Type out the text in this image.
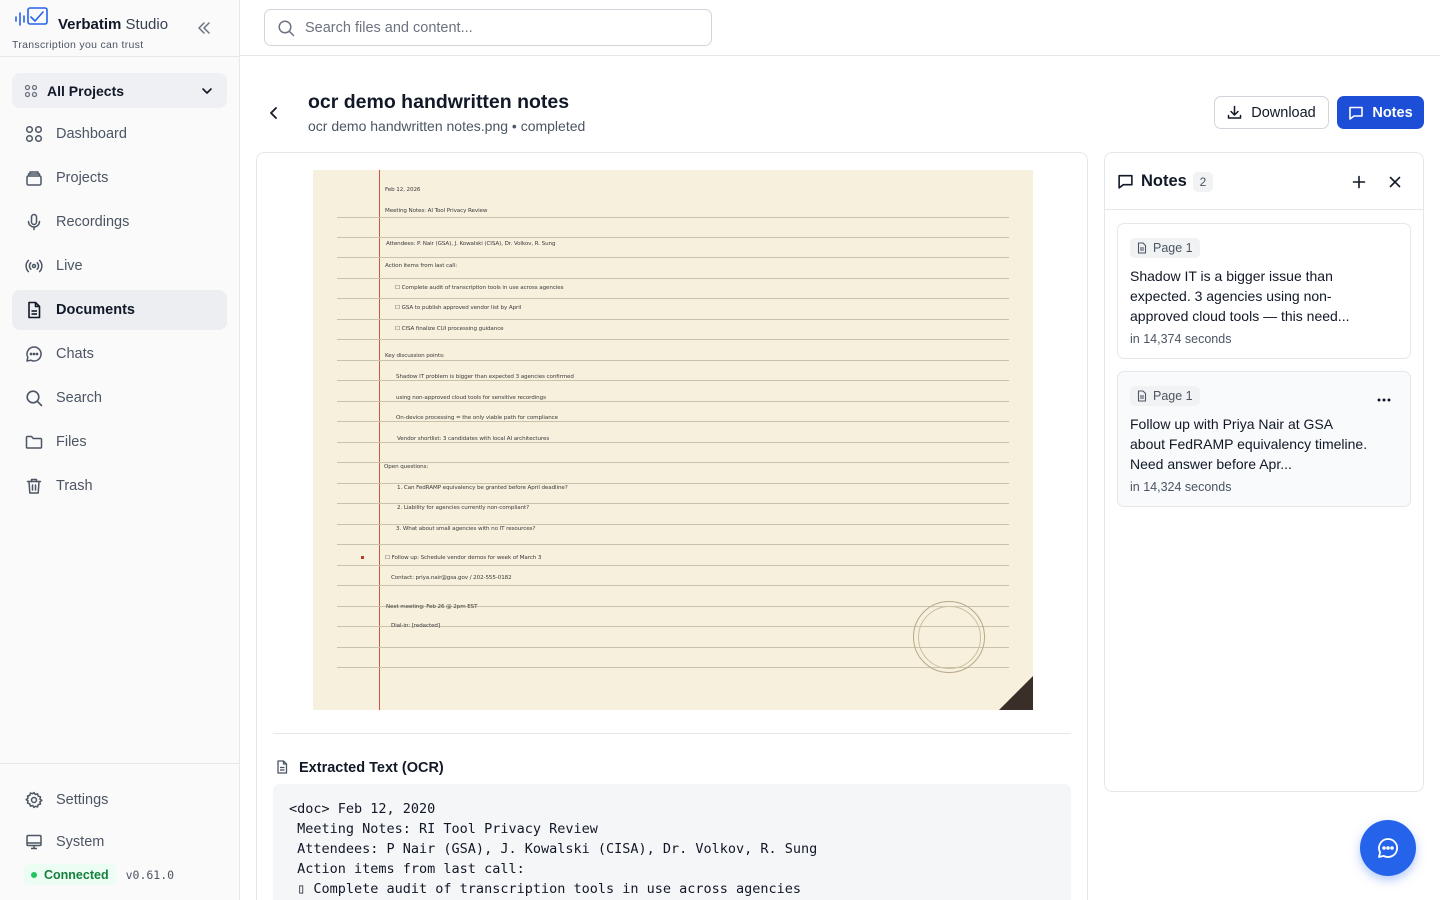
Verbatim Studio
Transcription you can trust
All Projects
Dashboard
Projects
Recordings
Live
Documents
Chats
Search
Files
Trash
Settings
System
Connected v0.61.0
Search files and content...
ocr demo handwritten notes
ocr demo handwritten notes.png • completed
Download	Notes
Feb 12, 2026
Meeting Notes: AI Tool Privacy Review
Attendees: P. Nair (GSA), J. Kowalski (CISA), Dr. Volkov, R. Sung
Action items from last call:
☐ Complete audit of transcription tools in use across agencies
☐ GSA to publish approved vendor list by April
☐ CISA finalize CUI processing guidance
Key discussion points:
Shadow IT problem is bigger than expected 3 agencies confirmed
using non-approved cloud tools for sensitive recordings
On-device processing = the only viable path for compliance
Vendor shortlist: 3 candidates with local AI architectures
Open questions:
1. Can FedRAMP equivalency be granted before April deadline?
2. Liability for agencies currently non-compliant?
3. What about small agencies with no IT resources?
☐ Follow up: Schedule vendor demos for week of March 3
Contact: priya.nair@gsa.gov / 202-555-0182
Next meeting: Feb 26 @ 2pm EST
Dial-in: [redacted]
Extracted Text (OCR)
<doc> Feb 12, 2020
Meeting Notes: RI Tool Privacy Review
Attendees: P Nair (GSA), J. Kowalski (CISA), Dr. Volkov, R. Sung
Action items from last call:
▯ Complete audit of transcription tools in use across agencies
Notes	2
Page 1
Shadow IT is a bigger issue than expected. 3 agencies using non-approved cloud tools — this need...
in 14,374 seconds
Page 1
Follow up with Priya Nair at GSA about FedRAMP equivalency timeline. Need answer before Apr...
in 14,324 seconds
